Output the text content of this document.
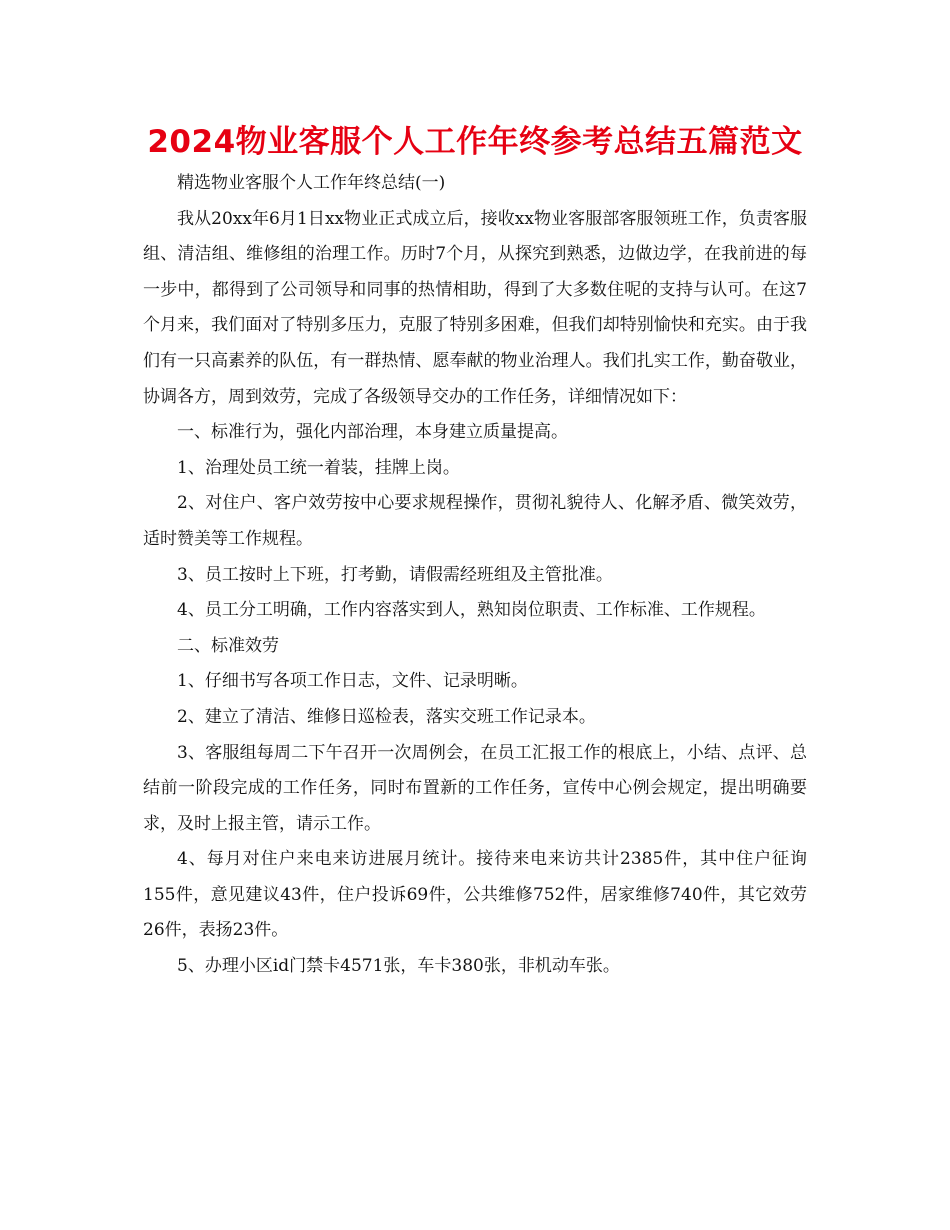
2024物业客服个人工作年终参考总结五篇范文

精选物业客服个人工作年终总结(一)

我从20xx年6月1日xx物业正式成立后，接收xx物业客服部客服领班工作，负责客服组、清洁组、维修组的治理工作。历时7个月，从探究到熟悉，边做边学，在我前进的每一步中，都得到了公司领导和同事的热情相助，得到了大多数住呢的支持与认可。在这7个月来，我们面对了特别多压力，克服了特别多困难，但我们却特别愉快和充实。由于我们有一只高素养的队伍，有一群热情、愿奉献的物业治理人。我们扎实工作，勤奋敬业，协调各方，周到效劳，完成了各级领导交办的工作任务，详细情况如下：

一、标准行为，强化内部治理，本身建立质量提高。

1、治理处员工统一着装，挂牌上岗。

2、对住户、客户效劳按中心要求规程操作，贯彻礼貌待人、化解矛盾、微笑效劳，适时赞美等工作规程。

3、员工按时上下班，打考勤，请假需经班组及主管批准。

4、员工分工明确，工作内容落实到人，熟知岗位职责、工作标准、工作规程。

二、标准效劳

1、仔细书写各项工作日志，文件、记录明晰。

2、建立了清洁、维修日巡检表，落实交班工作记录本。

3、客服组每周二下午召开一次周例会，在员工汇报工作的根底上，小结、点评、总结前一阶段完成的工作任务，同时布置新的工作任务，宣传中心例会规定，提出明确要求，及时上报主管，请示工作。

4、每月对住户来电来访进展月统计。接待来电来访共计2385件，其中住户征询155件，意见建议43件，住户投诉69件，公共维修752件，居家维修740件，其它效劳26件，表扬23件。

5、办理小区id门禁卡4571张，车卡380张，非机动车张。
